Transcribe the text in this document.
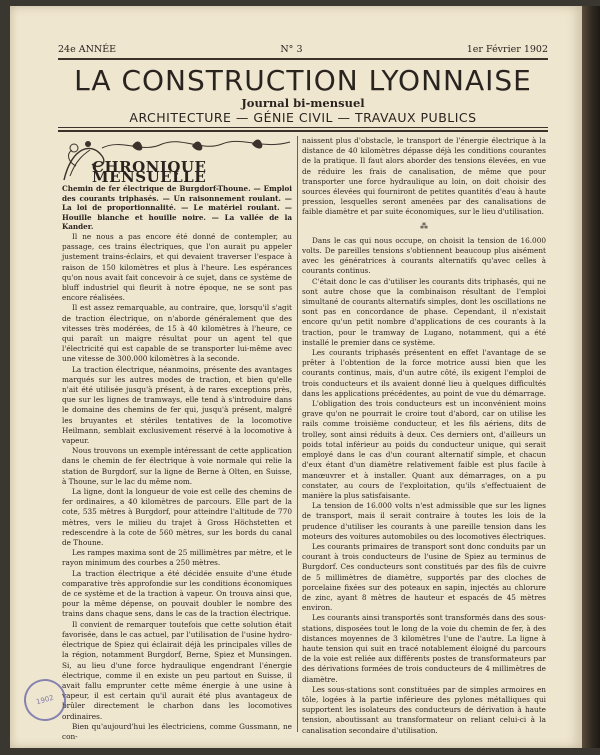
24e ANNÉE	N° 3	1er Février 1902
LA CONSTRUCTION LYONNAISE
Journal bi-mensuel
ARCHITECTURE — GÉNIE CIVIL — TRAVAUX PUBLICS
CHRONIQUE MENSUELLE

Chemin de fer électrique de Burgdorf-Thoune. — Emploi des courants triphasés. — Un raisonnement roulant. — La loi de proportionnalité. — Le matériel roulant. — Houille blanche et houille noire. — La vallée de la Kander.

Il ne nous a pas encore été donné de contempler, au passage, ces trains électriques, que l'on aurait pu appeler justement trains-éclairs, et qui devaient traverser l'espace à raison de 150 kilomètres et plus à l'heure. Les espérances qu'on nous avait fait concevoir à ce sujet, dans ce système de bluff industriel qui fleurit à notre époque, ne se sont pas encore réalisées.

Il est assez remarquable, au contraire, que, lorsqu'il s'agit de traction électrique, on n'aborde généralement que des vitesses très modérées, de 15 à 40 kilomètres à l'heure, ce qui paraît un maigre résultat pour un agent tel que l'électricité qui est capable de se transporter lui-même avec une vitesse de 300.000 kilomètres à la seconde.

La traction électrique, néanmoins, présente des avantages marqués sur les autres modes de traction, et bien qu'elle n'ait été utilisée jusqu'à présent, à de rares exceptions près, que sur les lignes de tramways, elle tend à s'introduire dans le domaine des chemins de fer qui, jusqu'à présent, malgré les bruyantes et stériles tentatives de la locomotive Heilmann, semblait exclusivement réservé à la locomotive à vapeur.

Nous trouvons un exemple intéressant de cette application dans le chemin de fer électrique à voie normale qui relie la station de Burgdorf, sur la ligne de Berne à Olten, en Suisse, à Thoune, sur le lac du même nom.

La ligne, dont la longueur de voie est celle des chemins de fer ordinaires, a 40 kilomètres de parcours. Elle part de la cote, 535 mètres à Burgdorf, pour atteindre l'altitude de 770 mètres, vers le milieu du trajet à Gross Höchstetten et redescendre à la cote de 560 mètres, sur les bords du canal de Thoune.

Les rampes maxima sont de 25 millimètres par mètre, et le rayon minimum des courbes a 250 mètres.

La traction électrique a été décidée ensuite d'une étude comparative très approfondie sur les conditions économiques de ce système et de la traction à vapeur. On trouva ainsi que, pour la même dépense, on pouvait doubler le nombre des trains dans chaque sens, dans le cas de la traction électrique.

Il convient de remarquer toutefois que cette solution était favorisée, dans le cas actuel, par l'utilisation de l'usine hydro-électrique de Spiez qui éclairait déjà les principales villes de la région, notamment Burgdorf, Berne, Spiez et Munsingen. Si, au lieu d'une force hydraulique engendrant l'énergie électrique, comme il en existe un peu partout en Suisse, il avait fallu emprunter cette même énergie à une usine à vapeur, il est certain qu'il aurait été plus avantageux de brûler directement le charbon dans les locomotives ordinaires.

Bien qu'aujourd'hui les électriciens, comme Gussmann, ne con-

naissent plus d'obstacle, le transport de l'énergie électrique à la distance de 40 kilomètres dépasse déjà les conditions courantes de la pratique. Il faut alors aborder des tensions élevées, en vue de réduire les frais de canalisation, de même que pour transporter une force hydraulique au loin, on doit choisir des sources élevées qui fourniront de petites quantités d'eau à haute pression, lesquelles seront amenées par des canalisations de faible diamètre et par suite économiques, sur le lieu d'utilisation.

⁂

Dans le cas qui nous occupe, on choisit la tension de 16.000 volts. De pareilles tensions s'obtiennent beaucoup plus aisément avec les génératrices à courants alternatifs qu'avec celles à courants continus.

C'était donc le cas d'utiliser les courants dits triphasés, qui ne sont autre chose que la combinaison résultant de l'emploi simultané de courants alternatifs simples, dont les oscillations ne sont pas en concordance de phase. Cependant, il n'existait encore qu'un petit nombre d'applications de ces courants à la traction, pour le tramway de Lugano, notamment, qui a été installé le premier dans ce système.

Les courants triphasés présentent en effet l'avantage de se prêter à l'obtention de la force motrice aussi bien que les courants continus, mais, d'un autre côté, ils exigent l'emploi de trois conducteurs et ils avaient donné lieu à quelques difficultés dans les applications précédentes, au point de vue du démarrage.

L'obligation des trois conducteurs est un inconvénient moins grave qu'on ne pourrait le croire tout d'abord, car on utilise les rails comme troisième conducteur, et les fils aériens, dits de trolley, sont ainsi réduits à deux. Ces derniers ont, d'ailleurs un poids total inférieur au poids du conducteur unique, qui serait employé dans le cas d'un courant alternatif simple, et chacun d'eux étant d'un diamètre relativement faible est plus facile à manœuvrer et à installer. Quant aux démarrages, on a pu constater, au cours de l'exploitation, qu'ils s'effectuaient de manière la plus satisfaisante.

La tension de 16.000 volts n'est admissible que sur les lignes de transport, mais il serait contraire à toutes les lois de la prudence d'utiliser les courants à une pareille tension dans les moteurs des voitures automobiles ou des locomotives électriques.

Les courants primaires de transport sont donc conduits par un courant à trois conducteurs de l'usine de Spiez au terminus de Burgdorf. Ces conducteurs sont constitués par des fils de cuivre de 5 millimètres de diamètre, supportés par des cloches de porcelaine fixées sur des poteaux en sapin, injectés au chlorure de zinc, ayant 8 mètres de hauteur et espacés de 45 mètres environ.

Les courants ainsi transportés sont transformés dans des sous-stations, disposées tout le long de la voie du chemin de fer, à des distances moyennes de 3 kilomètres l'une de l'autre. La ligne à haute tension qui suit en tracé notablement éloigné du parcours de la voie est reliée aux différents postes de transformateurs par des dérivations formées de trois conducteurs de 4 millimètres de diamètre.

Les sous-stations sont constituées par de simples armoires en tôle, logées à la partie inférieure des pylones métalliques qui supportent les isolateurs des conducteurs de dérivation à haute tension, aboutissant au transformateur on reliant celui-ci à la canalisation secondaire d'utilisation.

1902
